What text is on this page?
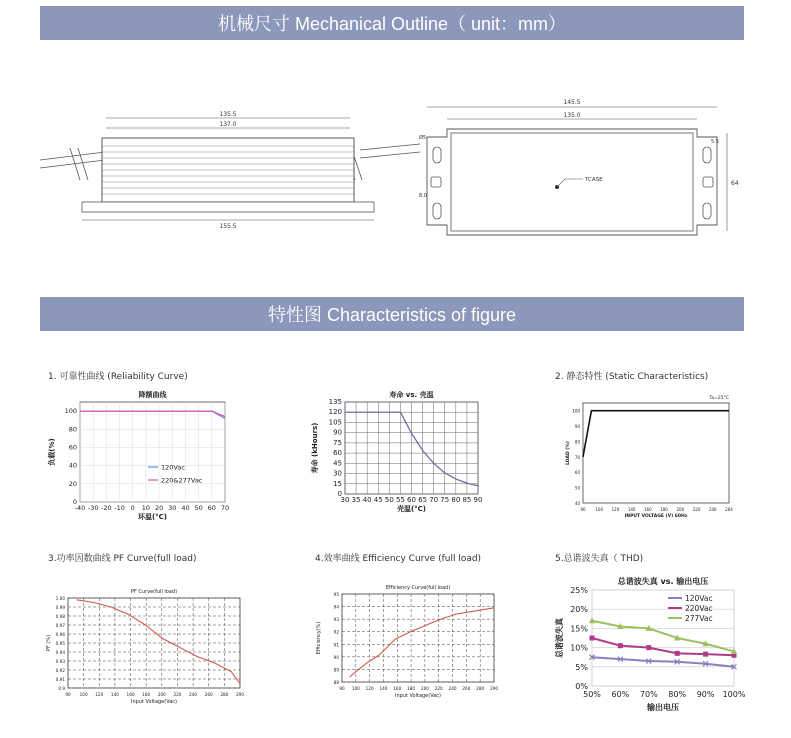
机械尺寸 Mechanical Outline（ unit：mm）
特性图 Characteristics of figure
135.5
137.0
155.5
145.5
135.0
TCASE	64
5.5
Ø5
8.0
1. 可靠性曲线 (Reliability Curve)	2. 静态特性 (Static Characteristics)
3.功率因数曲线 PF Curve(full load)	4.效率曲线 Efficiency Curve (full load)	5.总谐波失真（ THD)
-40 -30 -20 -10 0 10 20 30 40 50 60 70
0
20
40
60
80
100
降额曲线
环温(°C)
负载(%)
120Vac
220&277Vac
30 35 40 45 50 55 60 65 70 75 80 85 90
0
15
30
45
60
75
90
105
120
135
寿命 vs. 壳温
壳温(°C)
寿命 (kHours)
90 100 120 140 160 180 200 220 240 264
40
50
60
70
80
90
100
INPUT VOLTAGE (V) 60Hz
LOAD (%)
Ta=25°C
90 100 120 140 160 180 200 220 240 260 280 290
0.9
0.91
0.92
0.93
0.94
0.95
0.96
0.97
0.98
0.99
1.00
PF Curve(full load)
Input Voltage(Vac)
PF (%)
90 100 120 140 160 180 200 220 240 260 280 290
88
89
90
91
92
93
94
95
Efficiency Curve(full load)
Input Voltage(Vac)
Efficiency(%)
0%
5%
10%
15%
20%
25%
50% 60% 70% 80% 90% 100%
120Vac
220Vac
277Vac
总谐波失真 vs. 输出电压
输出电压
总谐波失真
